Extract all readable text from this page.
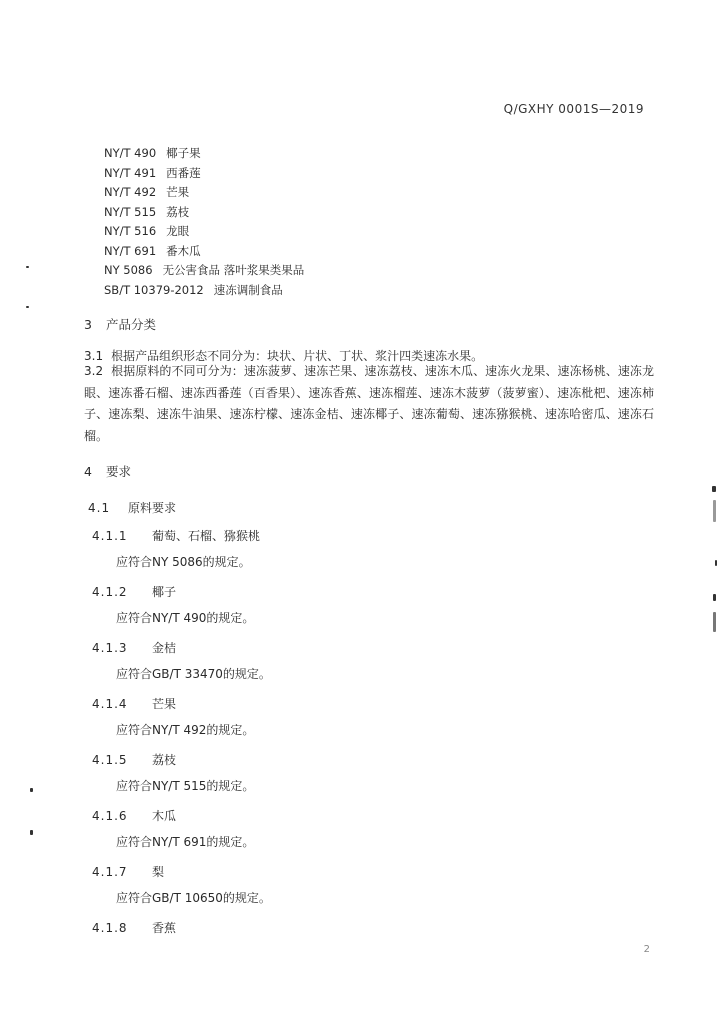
Q/GXHY 0001S—2019
NY/T 490 椰子果
NY/T 491 西番莲
NY/T 492 芒果
NY/T 515 荔枝
NY/T 516 龙眼
NY/T 691 番木瓜
NY 5086 无公害食品 落叶浆果类果品
SB/T 10379-2012 速冻调制食品
3 产品分类
3.1 根据产品组织形态不同分为：块状、片状、丁状、浆汁四类速冻水果。
3.2 根据原料的不同可分为：速冻菠萝、速冻芒果、速冻荔枝、速冻木瓜、速冻火龙果、速冻杨桃、速冻龙眼、速冻番石榴、速冻西番莲（百香果）、速冻香蕉、速冻榴莲、速冻木菠萝（菠萝蜜）、速冻枇杷、速冻柿子、速冻梨、速冻牛油果、速冻柠檬、速冻金桔、速冻椰子、速冻葡萄、速冻猕猴桃、速冻哈密瓜、速冻石榴。
4 要求
4.1 原料要求
4.1.1 葡萄、石榴、猕猴桃
应符合NY 5086的规定。
4.1.2 椰子
应符合NY/T 490的规定。
4.1.3 金桔
应符合GB/T 33470的规定。
4.1.4 芒果
应符合NY/T 492的规定。
4.1.5 荔枝
应符合NY/T 515的规定。
4.1.6 木瓜
应符合NY/T 691的规定。
4.1.7 梨
应符合GB/T 10650的规定。
4.1.8 香蕉
2
